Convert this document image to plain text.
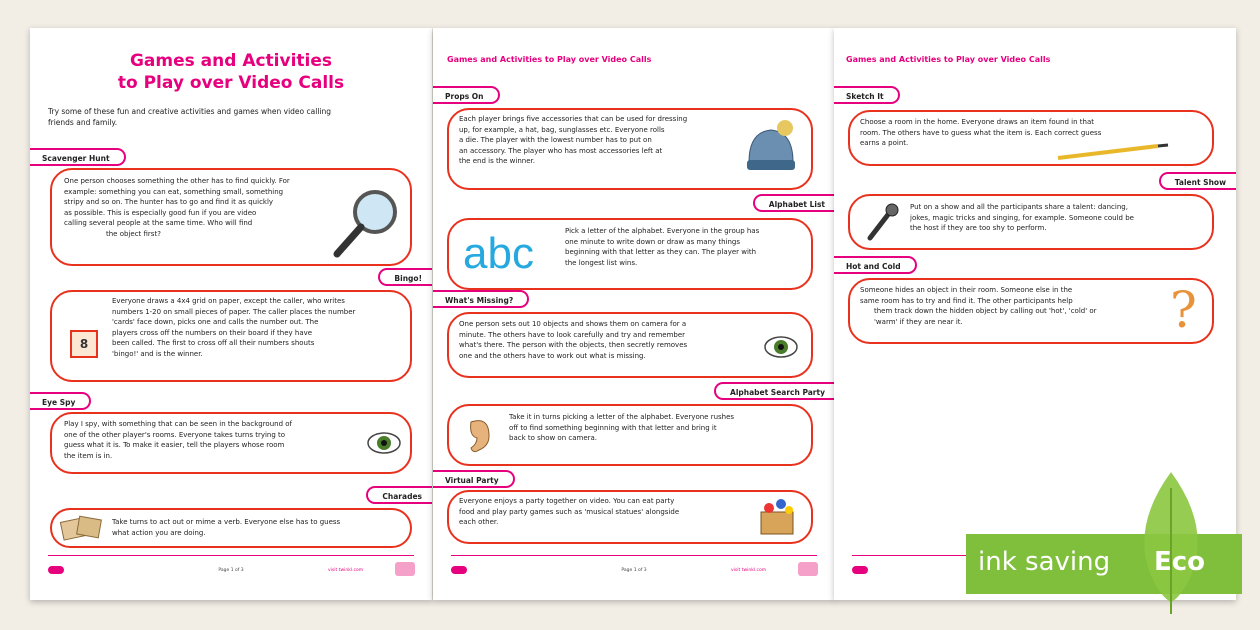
Games and Activities
to Play over Video Calls
Try some of these fun and creative activities and games when video calling
friends and family.
Scavenger Hunt
One person chooses something the other has to find quickly. For
example: something you can eat, something small, something
stripy and so on. The hunter has to go and find it as quickly
as possible. This is especially good fun if you are video
calling several people at the same time. Who will find
the object first?
Bingo!
8
Everyone draws a 4x4 grid on paper, except the caller, who writes
numbers 1-20 on small pieces of paper. The caller places the number
'cards' face down, picks one and calls the number out. The
players cross off the numbers on their board if they have
been called. The first to cross off all their numbers shouts
'bingo!' and is the winner.
Eye Spy
Play I spy, with something that can be seen in the background of
one of the other player's rooms. Everyone takes turns trying to
guess what it is. To make it easier, tell the players whose room
the item is in.
Charades
Take turns to act out or mime a verb. Everyone else has to guess
what action you are doing.
Page 1 of 3	visit twinkl.com
Games and Activities to Play over Video Calls
Props On
Each player brings five accessories that can be used for dressing
up, for example, a hat, bag, sunglasses etc. Everyone rolls
a die. The player with the lowest number has to put on
an accessory. The player who has most accessories left at
the end is the winner.
Alphabet List
abc	Pick a letter of the alphabet. Everyone in the group has
one minute to write down or draw as many things
beginning with that letter as they can. The player with
the longest list wins.
What's Missing?
One person sets out 10 objects and shows them on camera for a
minute. The others have to look carefully and try and remember
what's there. The person with the objects, then secretly removes
one and the others have to work out what is missing.
Alphabet Search Party
Take it in turns picking a letter of the alphabet. Everyone rushes
off to find something beginning with that letter and bring it
back to show on camera.
Virtual Party
Everyone enjoys a party together on video. You can eat party
food and play party games such as 'musical statues' alongside
each other.
Page 1 of 3	visit twinkl.com
Games and Activities to Play over Video Calls
Sketch It
Choose a room in the home. Everyone draws an item found in that
room. The others have to guess what the item is. Each correct guess
earns a point.
Talent Show
Put on a show and all the participants share a talent: dancing,
jokes, magic tricks and singing, for example. Someone could be
the host if they are too shy to perform.
Hot and Cold
Someone hides an object in their room. Someone else in the
same room has to try and find it. The other participants help
them track down the hidden object by calling out 'hot', 'cold' or
'warm' if they are near it.	?
ink saving Eco
